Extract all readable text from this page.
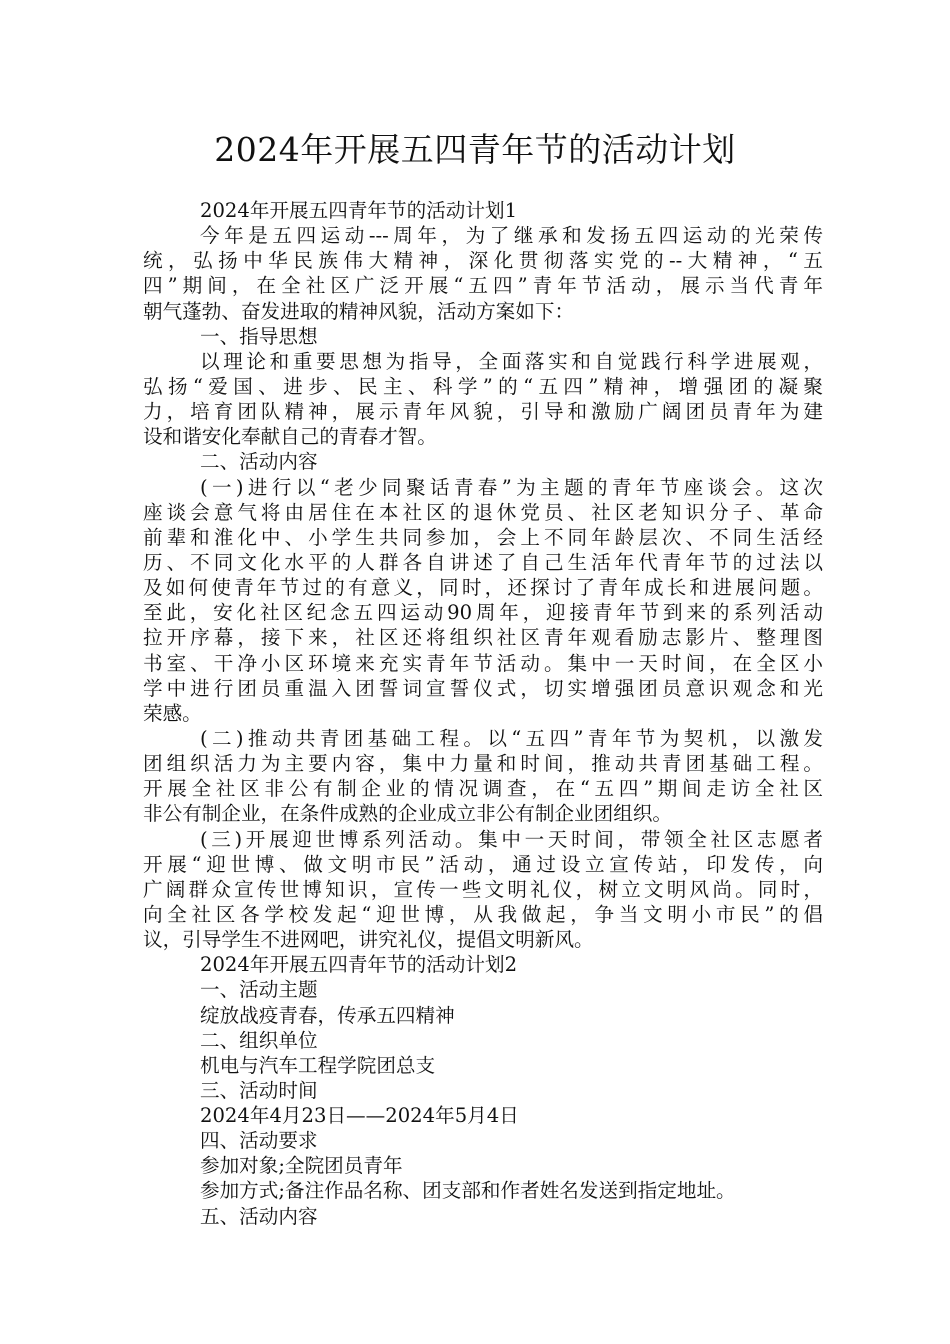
2024年开展五四青年节的活动计划
2024年开展五四青年节的活动计划1
今年是五四运动---周年，为了继承和发扬五四运动的光荣传
统，弘扬中华民族伟大精神，深化贯彻落实党的--大精神，“五
四”期间，在全社区广泛开展“五四”青年节活动，展示当代青年
朝气蓬勃、奋发进取的精神风貌，活动方案如下：
一、指导思想
以理论和重要思想为指导，全面落实和自觉践行科学进展观，
弘扬“爱国、进步、民主、科学”的“五四”精神，增强团的凝聚
力，培育团队精神，展示青年风貌，引导和激励广阔团员青年为建
设和谐安化奉献自己的青春才智。
二、活动内容
(一)进行以“老少同聚话青春”为主题的青年节座谈会。这次
座谈会意气将由居住在本社区的退休党员、社区老知识分子、革命
前辈和淮化中、小学生共同参加，会上不同年龄层次、不同生活经
历、不同文化水平的人群各自讲述了自己生活年代青年节的过法以
及如何使青年节过的有意义，同时，还探讨了青年成长和进展问题。
至此，安化社区纪念五四运动90周年，迎接青年节到来的系列活动
拉开序幕，接下来，社区还将组织社区青年观看励志影片、整理图
书室、干净小区环境来充实青年节活动。集中一天时间，在全区小
学中进行团员重温入团誓词宣誓仪式，切实增强团员意识观念和光
荣感。
(二)推动共青团基础工程。以“五四”青年节为契机，以激发
团组织活力为主要内容，集中力量和时间，推动共青团基础工程。
开展全社区非公有制企业的情况调查，在“五四”期间走访全社区
非公有制企业，在条件成熟的企业成立非公有制企业团组织。
(三)开展迎世博系列活动。集中一天时间，带领全社区志愿者
开展“迎世博、做文明市民”活动，通过设立宣传站，印发传，向
广阔群众宣传世博知识，宣传一些文明礼仪，树立文明风尚。同时，
向全社区各学校发起“迎世博，从我做起，争当文明小市民”的倡
议，引导学生不进网吧，讲究礼仪，提倡文明新风。
2024年开展五四青年节的活动计划2
一、活动主题
绽放战疫青春，传承五四精神
二、组织单位
机电与汽车工程学院团总支
三、活动时间
2024年4月23日——2024年5月4日
四、活动要求
参加对象;全院团员青年
参加方式;备注作品名称、团支部和作者姓名发送到指定地址。
五、活动内容
